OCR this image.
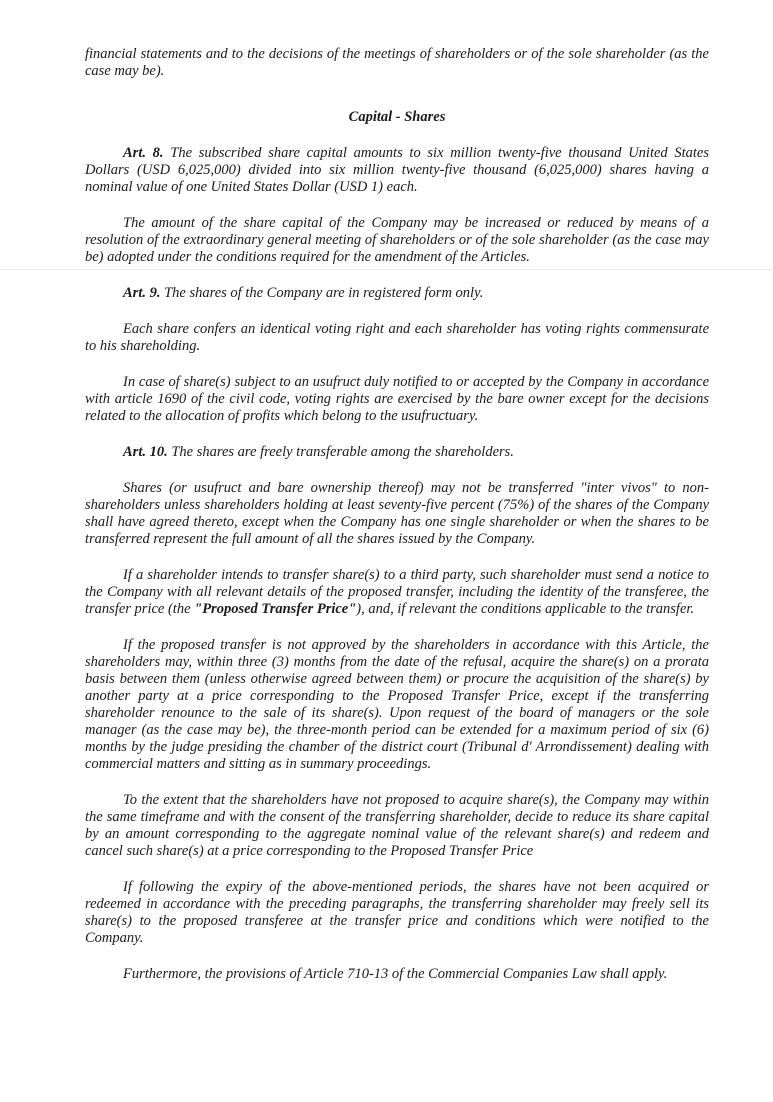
financial statements and to the decisions of the meetings of shareholders or of the sole shareholder (as the case may be).

Capital - Shares

Art. 8. The subscribed share capital amounts to six million twenty-five thousand United States Dollars (USD 6,025,000) divided into six million twenty-five thousand (6,025,000) shares having a nominal value of one United States Dollar (USD 1) each.

The amount of the share capital of the Company may be increased or reduced by means of a resolution of the extraordinary general meeting of shareholders or of the sole shareholder (as the case may be) adopted under the conditions required for the amendment of the Articles.

Art. 9. The shares of the Company are in registered form only.

Each share confers an identical voting right and each shareholder has voting rights commensurate to his shareholding.

In case of share(s) subject to an usufruct duly notified to or accepted by the Company in accordance with article 1690 of the civil code, voting rights are exercised by the bare owner except for the decisions related to the allocation of profits which belong to the usufructuary.

Art. 10. The shares are freely transferable among the shareholders.

Shares (or usufruct and bare ownership thereof) may not be transferred "inter vivos" to non-shareholders unless shareholders holding at least seventy-five percent (75%) of the shares of the Company shall have agreed thereto, except when the Company has one single shareholder or when the shares to be transferred represent the full amount of all the shares issued by the Company.

If a shareholder intends to transfer share(s) to a third party, such shareholder must send a notice to the Company with all relevant details of the proposed transfer, including the identity of the transferee, the transfer price (the "Proposed Transfer Price"), and, if relevant the conditions applicable to the transfer.

If the proposed transfer is not approved by the shareholders in accordance with this Article, the shareholders may, within three (3) months from the date of the refusal, acquire the share(s) on a prorata basis between them (unless otherwise agreed between them) or procure the acquisition of the share(s) by another party at a price corresponding to the Proposed Transfer Price, except if the transferring shareholder renounce to the sale of its share(s). Upon request of the board of managers or the sole manager (as the case may be), the three-month period can be extended for a maximum period of six (6) months by the judge presiding the chamber of the district court (Tribunal d' Arrondissement) dealing with commercial matters and sitting as in summary proceedings.

To the extent that the shareholders have not proposed to acquire share(s), the Company may within the same timeframe and with the consent of the transferring shareholder, decide to reduce its share capital by an amount corresponding to the aggregate nominal value of the relevant share(s) and redeem and cancel such share(s) at a price corresponding to the Proposed Transfer Price

If following the expiry of the above-mentioned periods, the shares have not been acquired or redeemed in accordance with the preceding paragraphs, the transferring shareholder may freely sell its share(s) to the proposed transferee at the transfer price and conditions which were notified to the Company.

Furthermore, the provisions of Article 710-13 of the Commercial Companies Law shall apply.
